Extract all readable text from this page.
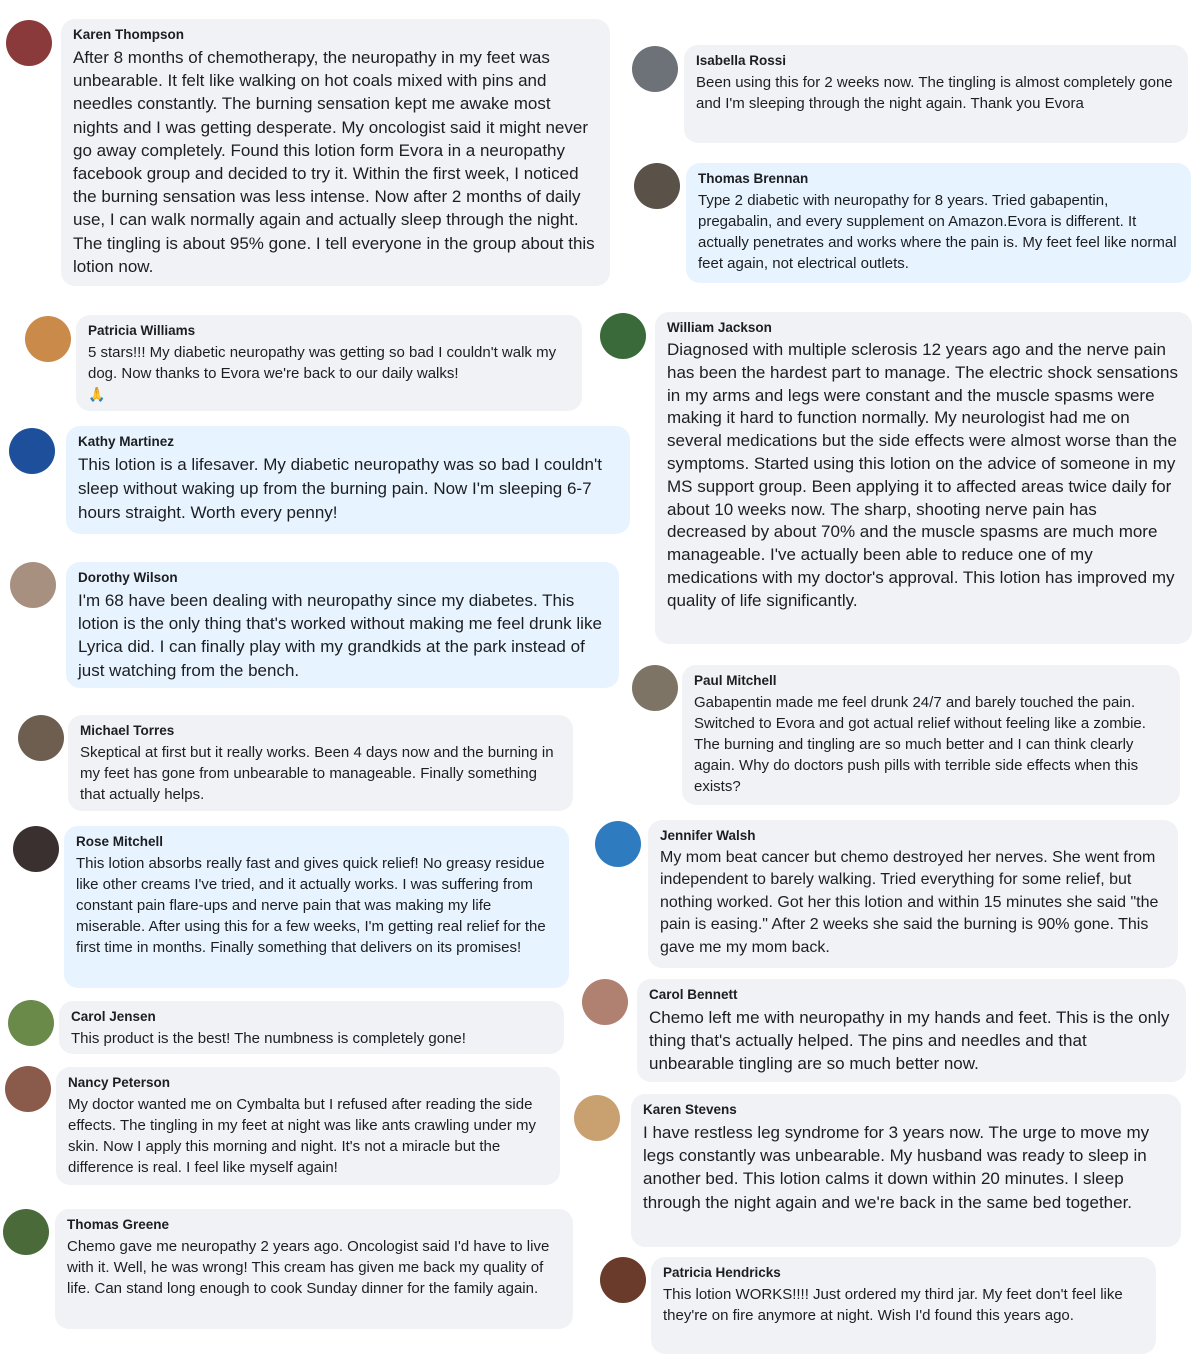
Karen Thompson
After 8 months of chemotherapy, the neuropathy in my feet was unbearable. It felt like walking on hot coals mixed with pins and needles constantly. The burning sensation kept me awake most nights and I was getting desperate. My oncologist said it might never go away completely. Found this lotion form Evora in a neuropathy facebook group and decided to try it. Within the first week, I noticed the burning sensation was less intense. Now after 2 months of daily use, I can walk normally again and actually sleep through the night. The tingling is about 95% gone. I tell everyone in the group about this lotion now.
Isabella Rossi
Been using this for 2 weeks now. The tingling is almost completely gone and I'm sleeping through the night again. Thank you Evora
Thomas Brennan
Type 2 diabetic with neuropathy for 8 years. Tried gabapentin, pregabalin, and every supplement on Amazon.Evora is different. It actually penetrates and works where the pain is. My feet feel like normal feet again, not electrical outlets.
Patricia Williams
5 stars!!! My diabetic neuropathy was getting so bad I couldn't walk my dog. Now thanks to Evora we're back to our daily walks!
🙏
William Jackson
Diagnosed with multiple sclerosis 12 years ago and the nerve pain has been the hardest part to manage. The electric shock sensations in my arms and legs were constant and the muscle spasms were making it hard to function normally. My neurologist had me on several medications but the side effects were almost worse than the symptoms. Started using this lotion on the advice of someone in my MS support group. Been applying it to affected areas twice daily for about 10 weeks now. The sharp, shooting nerve pain has decreased by about 70% and the muscle spasms are much more manageable. I've actually been able to reduce one of my medications with my doctor's approval. This lotion has improved my quality of life significantly.
Kathy Martinez
This lotion is a lifesaver. My diabetic neuropathy was so bad I couldn't sleep without waking up from the burning pain. Now I'm sleeping 6-7 hours straight. Worth every penny!
Dorothy Wilson
I'm 68 have been dealing with neuropathy since my diabetes. This lotion is the only thing that's worked without making me feel drunk like Lyrica did. I can finally play with my grandkids at the park instead of just watching from the bench.
Paul Mitchell
Gabapentin made me feel drunk 24/7 and barely touched the pain. Switched to Evora and got actual relief without feeling like a zombie. The burning and tingling are so much better and I can think clearly again. Why do doctors push pills with terrible side effects when this exists?
Michael Torres
Skeptical at first but it really works. Been 4 days now and the burning in my feet has gone from unbearable to manageable. Finally something that actually helps.
Rose Mitchell
This lotion absorbs really fast and gives quick relief! No greasy residue like other creams I've tried, and it actually works. I was suffering from constant pain flare-ups and nerve pain that was making my life miserable. After using this for a few weeks, I'm getting real relief for the first time in months. Finally something that delivers on its promises!
Jennifer Walsh
My mom beat cancer but chemo destroyed her nerves. She went from independent to barely walking. Tried everything for some relief, but nothing worked. Got her this lotion and within 15 minutes she said "the pain is easing." After 2 weeks she said the burning is 90% gone. This gave me my mom back.
Carol Jensen
This product is the best! The numbness is completely gone!
Carol Bennett
Chemo left me with neuropathy in my hands and feet. This is the only thing that's actually helped. The pins and needles and that unbearable tingling are so much better now.
Nancy Peterson
My doctor wanted me on Cymbalta but I refused after reading the side effects. The tingling in my feet at night was like ants crawling under my skin. Now I apply this morning and night. It's not a miracle but the difference is real. I feel like myself again!
Karen Stevens
I have restless leg syndrome for 3 years now. The urge to move my legs constantly was unbearable. My husband was ready to sleep in another bed. This lotion calms it down within 20 minutes. I sleep through the night again and we're back in the same bed together.
Thomas Greene
Chemo gave me neuropathy 2 years ago. Oncologist said I'd have to live with it. Well, he was wrong! This cream has given me back my quality of life. Can stand long enough to cook Sunday dinner for the family again.
Patricia Hendricks
This lotion WORKS!!!! Just ordered my third jar. My feet don't feel like they're on fire anymore at night. Wish I'd found this years ago.
